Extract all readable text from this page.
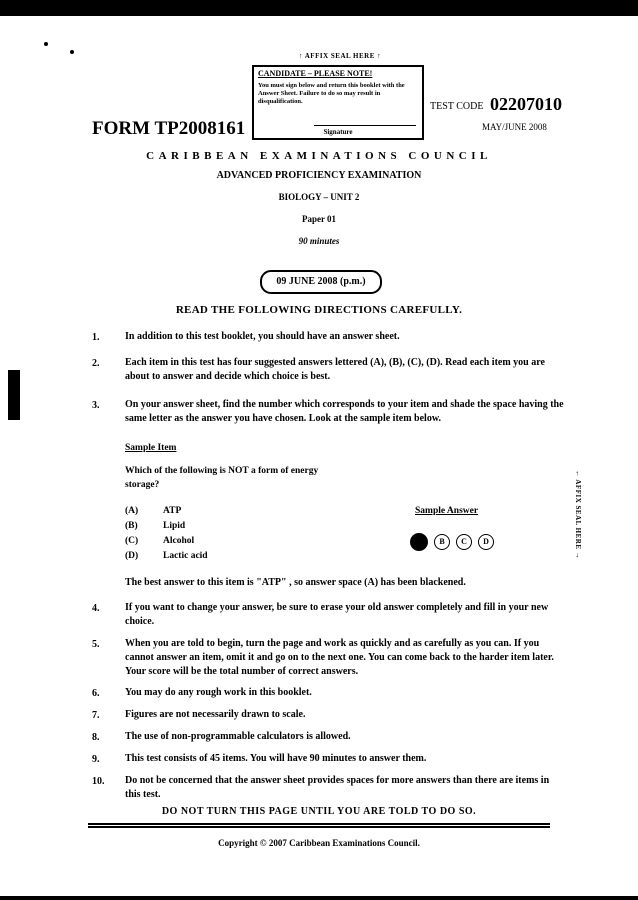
↑ AFFIX SEAL HERE ↑
CANDIDATE – PLEASE NOTE!
You must sign below and return this booklet with the Answer Sheet. Failure to do so may result in disqualification.
Signature
FORM TP2008161
TEST CODE 02207010
MAY/JUNE 2008
CARIBBEAN EXAMINATIONS COUNCIL
ADVANCED PROFICIENCY EXAMINATION
BIOLOGY – UNIT 2
Paper 01
90 minutes
09 JUNE 2008 (p.m.)
READ THE FOLLOWING DIRECTIONS CAREFULLY.
1.	In addition to this test booklet, you should have an answer sheet.
2.	Each item in this test has four suggested answers lettered (A), (B), (C), (D). Read each item you are about to answer and decide which choice is best.
3.	On your answer sheet, find the number which corresponds to your item and shade the space having the same letter as the answer you have chosen. Look at the sample item below.
Sample Item
Which of the following is NOT a form of energy storage?
(A)	ATP
(B)	Lipid
(C)	Alcohol
(D)	Lactic acid
Sample Answer
B	C	D
The best answer to this item is "ATP" , so answer space (A) has been blackened.
← AFFIX SEAL HERE →
4.	If you want to change your answer, be sure to erase your old answer completely and fill in your new choice.
5.	When you are told to begin, turn the page and work as quickly and as carefully as you can. If you cannot answer an item, omit it and go on to the next one. You can come back to the harder item later. Your score will be the total number of correct answers.
6.	You may do any rough work in this booklet.
7.	Figures are not necessarily drawn to scale.
8.	The use of non-programmable calculators is allowed.
9.	This test consists of 45 items. You will have 90 minutes to answer them.
10.	Do not be concerned that the answer sheet provides spaces for more answers than there are items in this test.
DO NOT TURN THIS PAGE UNTIL YOU ARE TOLD TO DO SO.
Copyright © 2007 Caribbean Examinations Council.
